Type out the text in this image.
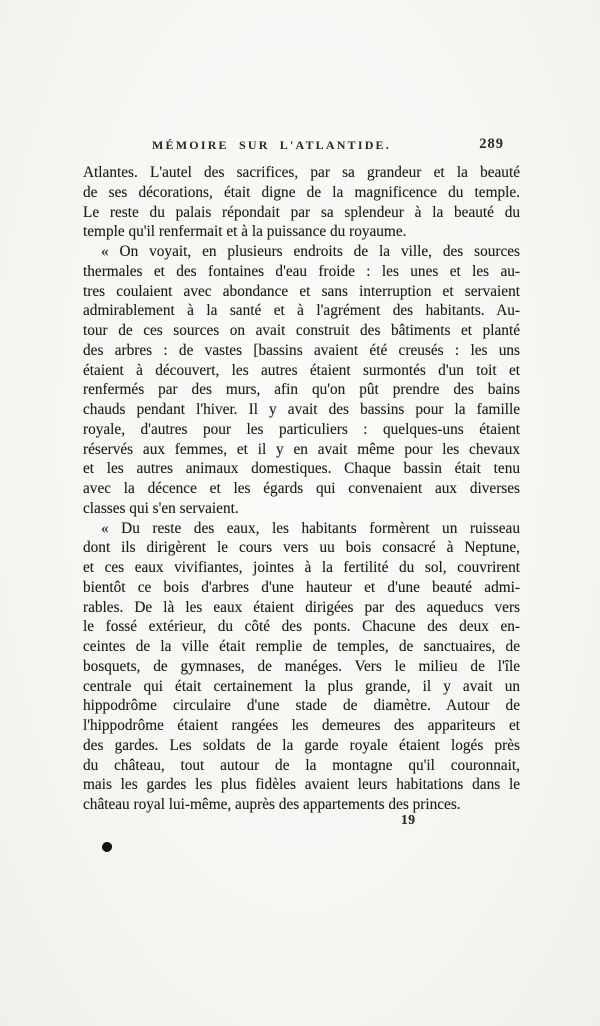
MÉMOIRE SUR L'ATLANTIDE.	289
Atlantes. L'autel des sacrifices, par sa grandeur et la beauté
de ses décorations, était digne de la magnificence du temple.
Le reste du palais répondait par sa splendeur à la beauté du
temple qu'il renfermait et à la puissance du royaume.
« On voyait, en plusieurs endroits de la ville, des sources
thermales et des fontaines d'eau froide : les unes et les au-
tres coulaient avec abondance et sans interruption et servaient
admirablement à la santé et à l'agrément des habitants. Au-
tour de ces sources on avait construit des bâtiments et planté
des arbres : de vastes [bassins avaient été creusés : les uns
étaient à découvert, les autres étaient surmontés d'un toit et
renfermés par des murs, afin qu'on pût prendre des bains
chauds pendant l'hiver. Il y avait des bassins pour la famille
royale, d'autres pour les particuliers : quelques-uns étaient
réservés aux femmes, et il y en avait même pour les chevaux
et les autres animaux domestiques. Chaque bassin était tenu
avec la décence et les égards qui convenaient aux diverses
classes qui s'en servaient.
« Du reste des eaux, les habitants formèrent un ruisseau
dont ils dirigèrent le cours vers uu bois consacré à Neptune,
et ces eaux vivifiantes, jointes à la fertilité du sol, couvrirent
bientôt ce bois d'arbres d'une hauteur et d'une beauté admi-
rables. De là les eaux étaient dirigées par des aqueducs vers
le fossé extérieur, du côté des ponts. Chacune des deux en-
ceintes de la ville était remplie de temples, de sanctuaires, de
bosquets, de gymnases, de manéges. Vers le milieu de l'île
centrale qui était certainement la plus grande, il y avait un
hippodrôme circulaire d'une stade de diamètre. Autour de
l'hippodrôme étaient rangées les demeures des appariteurs et
des gardes. Les soldats de la garde royale étaient logés près
du château, tout autour de la montagne qu'il couronnait,
mais les gardes les plus fidèles avaient leurs habitations dans le
château royal lui-même, auprès des appartements des princes.
19
